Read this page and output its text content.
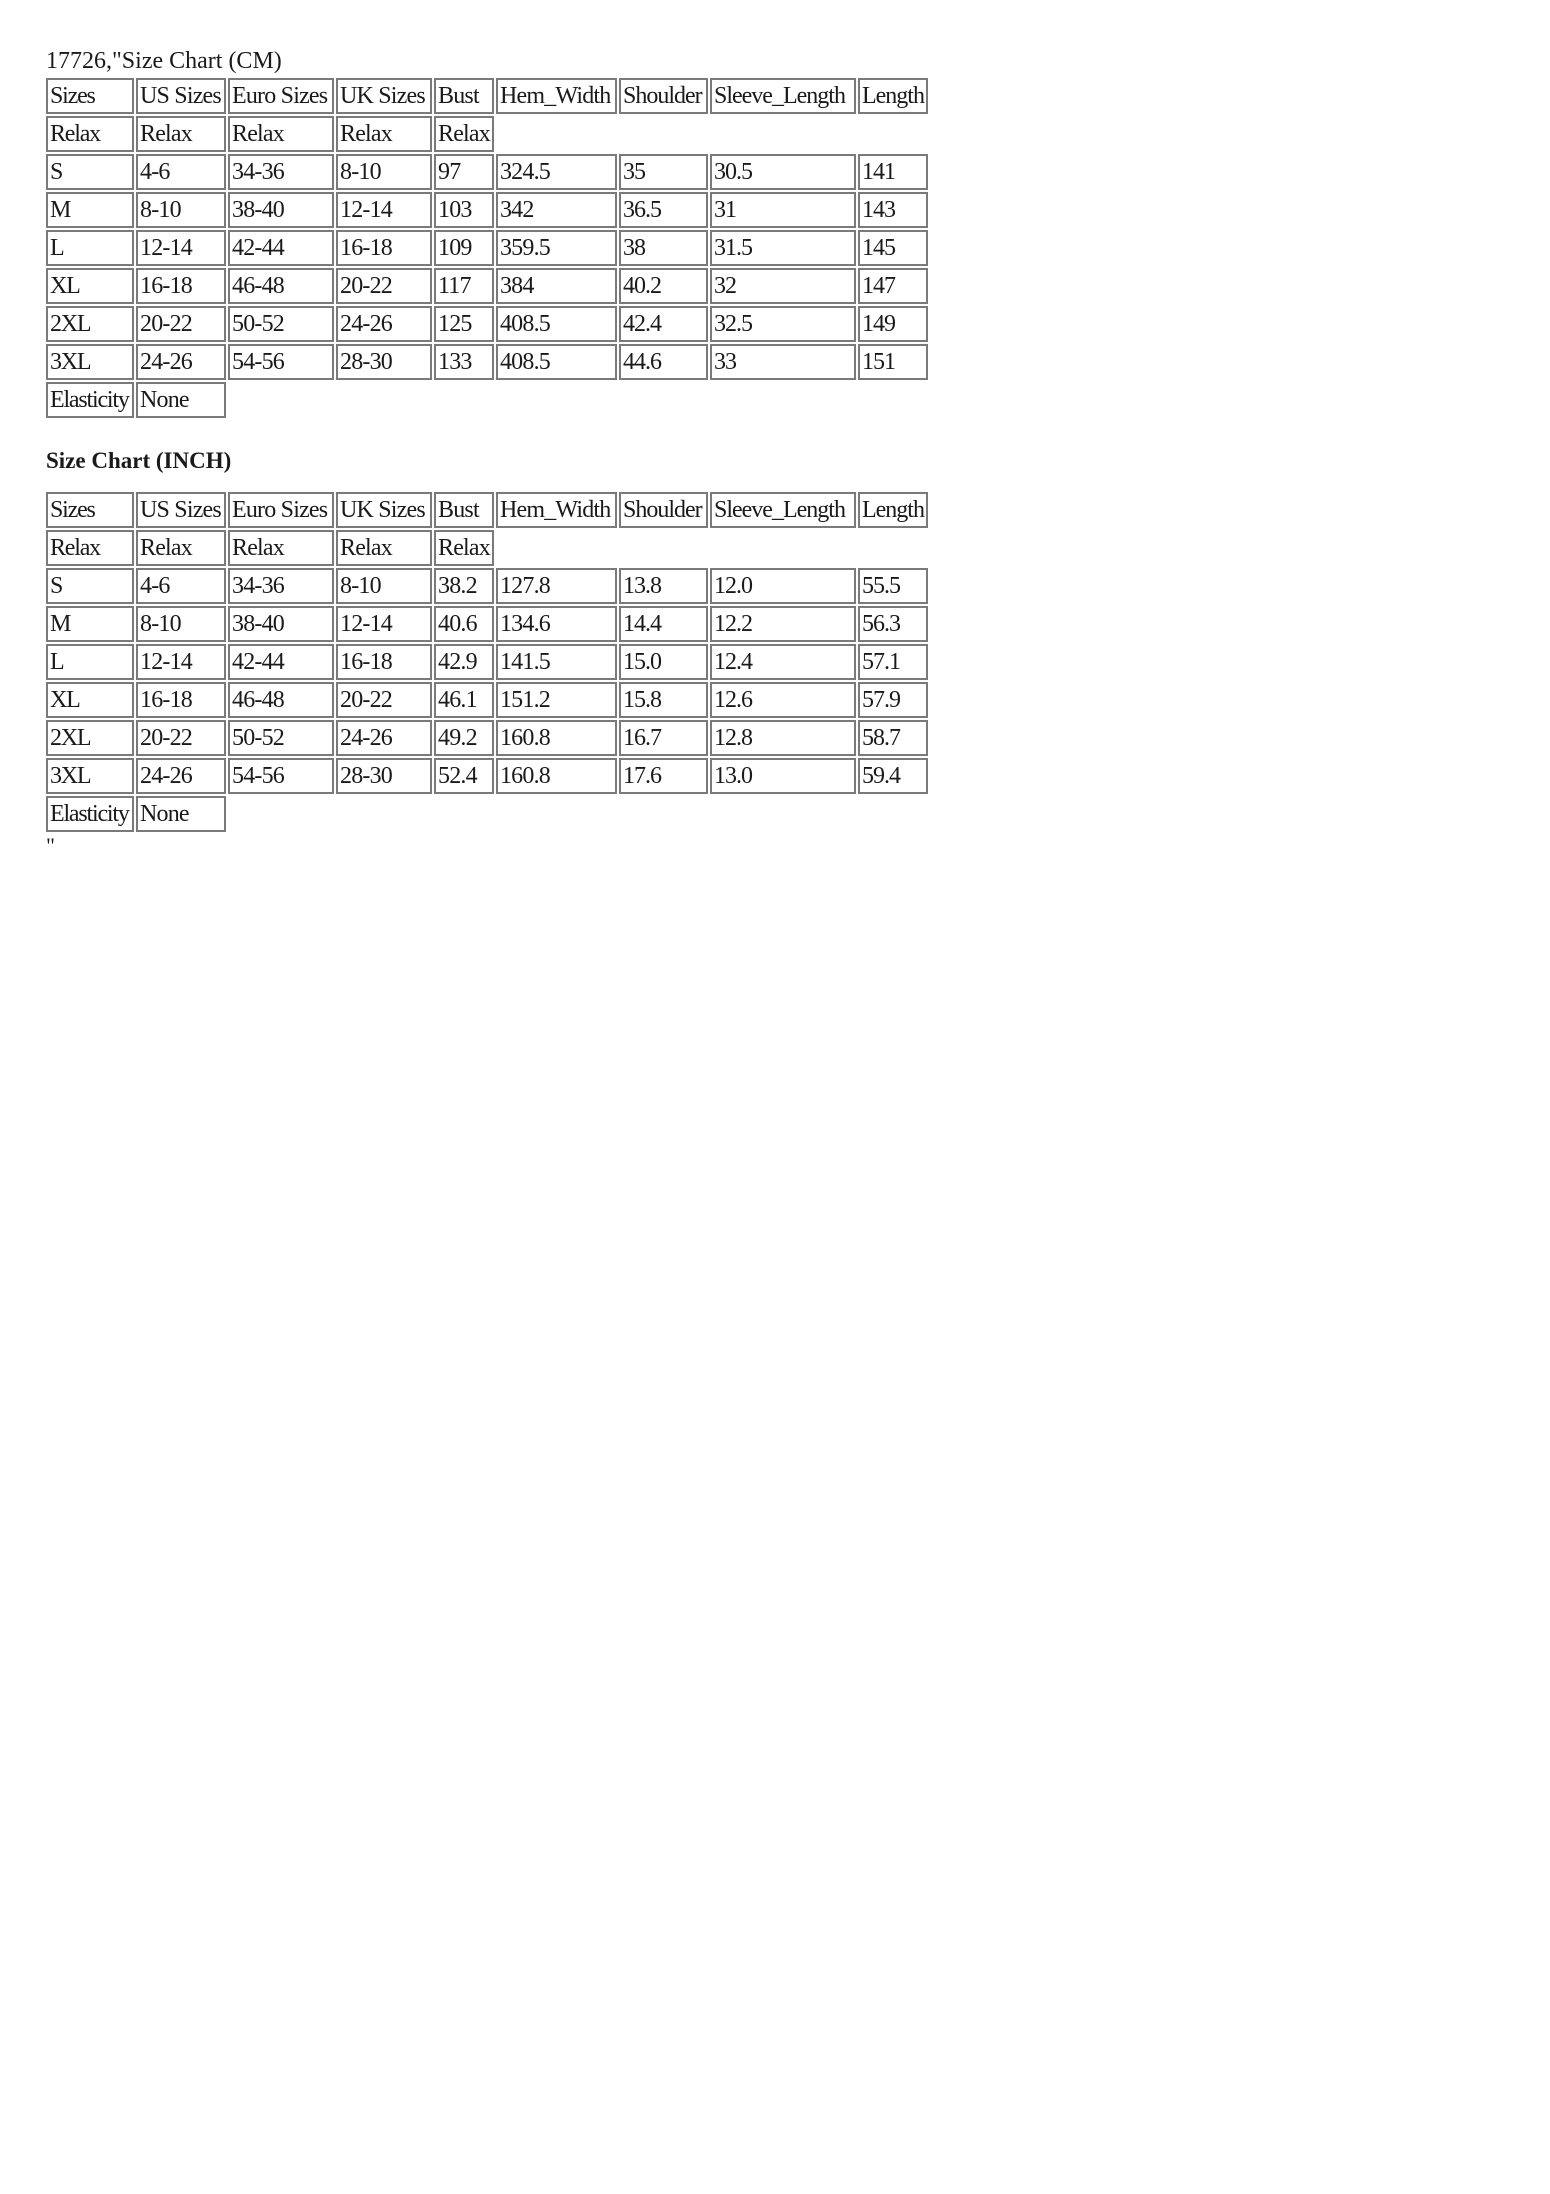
17726,"Size Chart (CM)

Sizes	US Sizes	Euro Sizes	UK Sizes	Bust	Hem_Width	Shoulder	Sleeve_Length	Length
Relax	Relax	Relax	Relax	Relax				
S	4-6	34-36	8-10	97	324.5	35	30.5	141
M	8-10	38-40	12-14	103	342	36.5	31	143
L	12-14	42-44	16-18	109	359.5	38	31.5	145
XL	16-18	46-48	20-22	117	384	40.2	32	147
2XL	20-22	50-52	24-26	125	408.5	42.4	32.5	149
3XL	24-26	54-56	28-30	133	408.5	44.6	33	151
Elasticity	None							
Size Chart (INCH)
Sizes	US Sizes	Euro Sizes	UK Sizes	Bust	Hem_Width	Shoulder	Sleeve_Length	Length
Relax	Relax	Relax	Relax	Relax				
S	4-6	34-36	8-10	38.2	127.8	13.8	12.0	55.5
M	8-10	38-40	12-14	40.6	134.6	14.4	12.2	56.3
L	12-14	42-44	16-18	42.9	141.5	15.0	12.4	57.1
XL	16-18	46-48	20-22	46.1	151.2	15.8	12.6	57.9
2XL	20-22	50-52	24-26	49.2	160.8	16.7	12.8	58.7
3XL	24-26	54-56	28-30	52.4	160.8	17.6	13.0	59.4
Elasticity	None							

"
